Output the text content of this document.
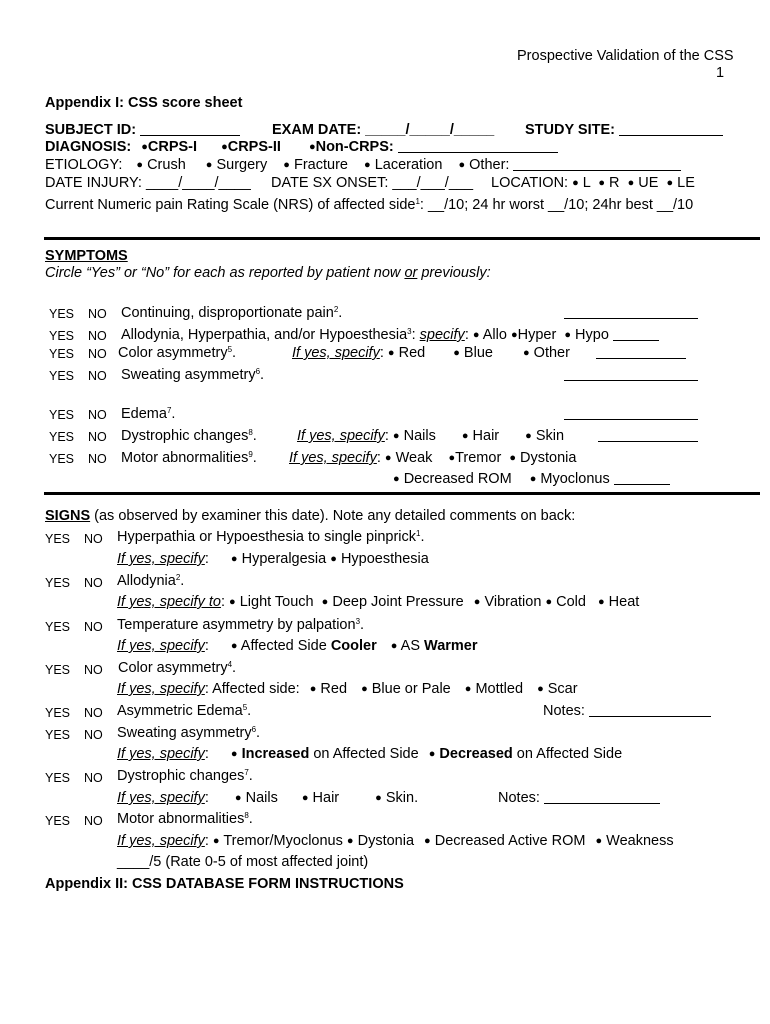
Prospective Validation of the CSS
1
Appendix I: CSS score sheet
SUBJECT ID:	EXAM DATE: _____/_____/_____ STUDY SITE:
DIAGNOSIS: ●CRPS-I ●CRPS-II	●Non-CRPS:
ETIOLOGY: ● Crush ● Surgery ● Fracture ● Laceration ● Other:
DATE INJURY: ____/____/____ DATE SX ONSET: ___/___/___ LOCATION: ● L ● R ● UE ● LE
Current Numeric pain Rating Scale (NRS) of affected side$^1$: __/10; 24 hr worst __/10; 24hr best __/10
SYMPTOMS
Circle “Yes” or “No” for each as reported by patient now or previously:
YES NO Continuing, disproportionate pain$^2$.
YES NO Allodynia, Hyperpathia, and/or Hypoesthesia$^3$: specify: ● Allo ●Hyper ● Hypo
YES NO Color asymmetry$^5$.	If yes, specify: ● Red	● Blue	● Other
YES NO Sweating asymmetry$^6$.
YES NO Edema$^7$.
YES NO Dystrophic changes$^8$.	If yes, specify: ● Nails ● Hair ● Skin
YES NO Motor abnormalities$^9$. If yes, specify: ● Weak ●Tremor ● Dystonia
● Decreased ROM ● Myoclonus
SIGNS (as observed by examiner this date). Note any detailed comments on back:
YES NO Hyperpathia or Hypoesthesia to single pinprick$^1$.
If yes, specify: ● Hyperalgesia ● Hypoesthesia
YES NO Allodynia$^2$.
If yes, specify to: ● Light Touch ● Deep Joint Pressure ● Vibration ● Cold ● Heat
YES NO Temperature asymmetry by palpation$^3$.
If yes, specify: ● Affected Side Cooler ● AS Warmer
YES NO Color asymmetry$^4$.
If yes, specify: Affected side: ● Red ● Blue or Pale ● Mottled ● Scar
YES NO Asymmetric Edema$^5$.	Notes:
YES NO Sweating asymmetry$^6$.
If yes, specify: ● Increased on Affected Side ● Decreased on Affected Side
YES NO Dystrophic changes$^7$.
If yes, specify: ● Nails ● Hair	● Skin.	Notes:
YES NO Motor abnormalities$^8$.
If yes, specify: ● Tremor/Myoclonus ● Dystonia ● Decreased Active ROM ● Weakness
____/5 (Rate 0-5 of most affected joint)
Appendix II: CSS DATABASE FORM INSTRUCTIONS
